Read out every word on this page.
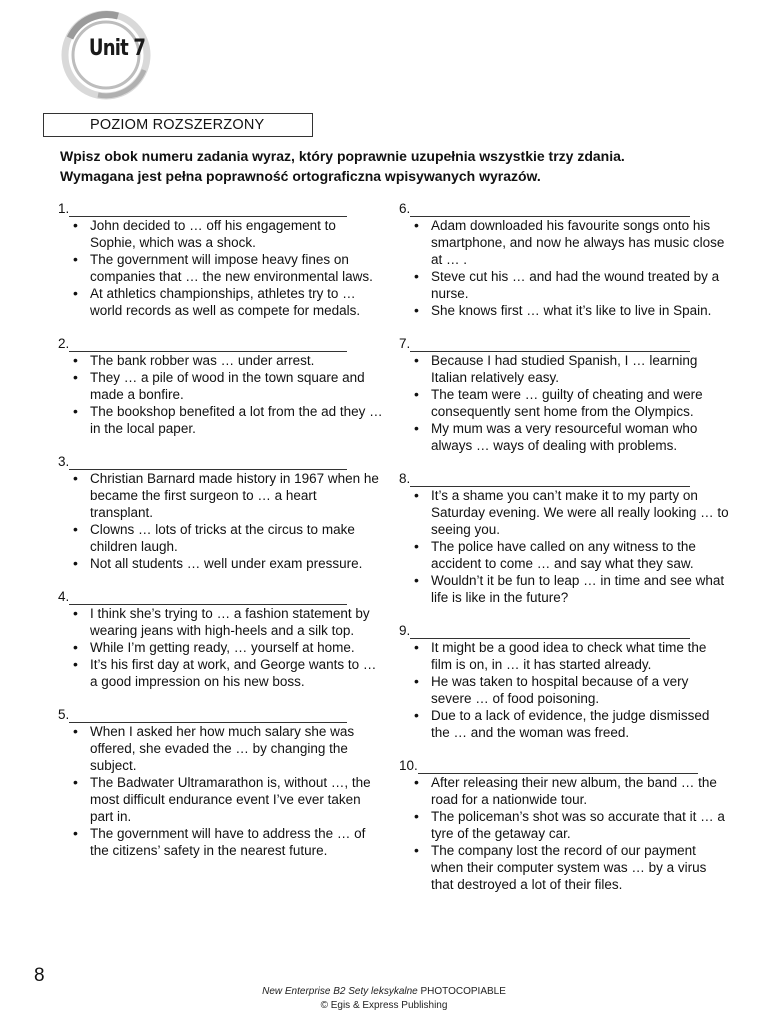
Unit 7
POZIOM ROZSZERZONY
Wpisz obok numeru zadania wyraz, który poprawnie uzupełnia wszystkie trzy zdania.
Wymagana jest pełna poprawność ortograficzna wpisywanych wyrazów.
1.
• John decided to … off his engagement to Sophie, which was a shock.
• The government will impose heavy fines on companies that … the new environmental laws.
• At athletics championships, athletes try to … world records as well as compete for medals.
2.
• The bank robber was … under arrest.
• They … a pile of wood in the town square and made a bonfire.
• The bookshop benefited a lot from the ad they … in the local paper.
3.
• Christian Barnard made history in 1967 when he became the first surgeon to … a heart transplant.
• Clowns … lots of tricks at the circus to make children laugh.
• Not all students … well under exam pressure.
4.
• I think she’s trying to … a fashion statement by wearing jeans with high-heels and a silk top.
• While I’m getting ready, … yourself at home.
• It’s his first day at work, and George wants to … a good impression on his new boss.
5.
• When I asked her how much salary she was offered, she evaded the … by changing the subject.
• The Badwater Ultramarathon is, without …, the most difficult endurance event I’ve ever taken part in.
• The government will have to address the … of the citizens’ safety in the nearest future.
6.
• Adam downloaded his favourite songs onto his smartphone, and now he always has music close at … .
• Steve cut his … and had the wound treated by a nurse.
• She knows first … what it’s like to live in Spain.
7.
• Because I had studied Spanish, I … learning Italian relatively easy.
• The team were … guilty of cheating and were consequently sent home from the Olympics.
• My mum was a very resourceful woman who always … ways of dealing with problems.
8.
• It’s a shame you can’t make it to my party on Saturday evening. We were all really looking … to seeing you.
• The police have called on any witness to the accident to come … and say what they saw.
• Wouldn’t it be fun to leap … in time and see what life is like in the future?
9.
• It might be a good idea to check what time the film is on, in … it has started already.
• He was taken to hospital because of a very severe … of food poisoning.
• Due to a lack of evidence, the judge dismissed the … and the woman was freed.
10.
• After releasing their new album, the band … the road for a nationwide tour.
• The policeman’s shot was so accurate that it … a tyre of the getaway car.
• The company lost the record of our payment when their computer system was … by a virus that destroyed a lot of their files.
8
New Enterprise B2 Sety leksykalne PHOTOCOPIABLE
© Egis & Express Publishing
